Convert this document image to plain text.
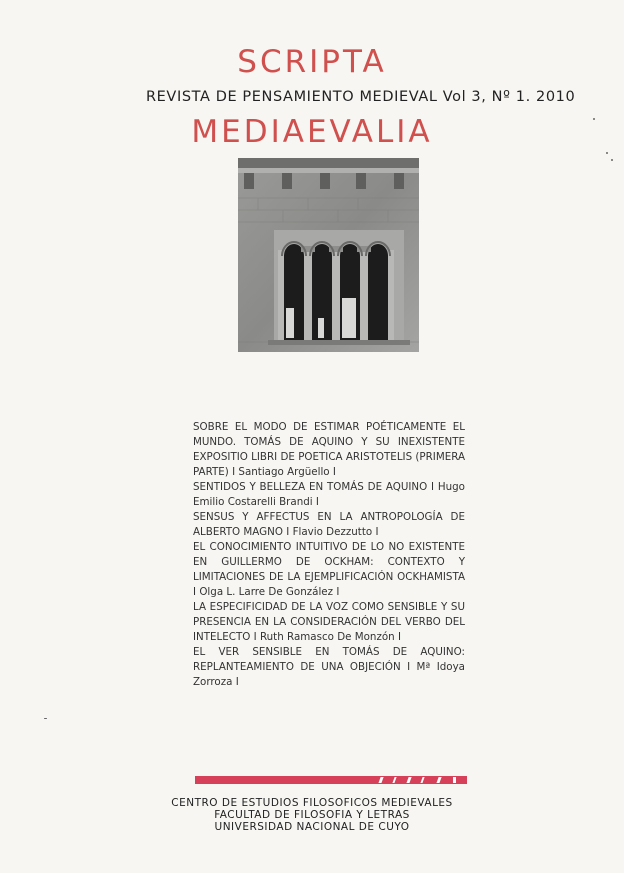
SCRIPTA
REVISTA DE PENSAMIENTO MEDIEVAL Vol 3, Nº 1. 2010
MEDIAEVALIA

SOBRE EL MODO DE ESTIMAR POÉTICAMENTE EL MUNDO. TOMÁS DE AQUINO Y SU INEXISTENTE EXPOSITIO LIBRI DE POETICA ARISTOTELIS (PRIMERA PARTE) I Santiago Argüello I

SENTIDOS Y BELLEZA EN TOMÁS DE AQUINO I Hugo Emilio Costarelli Brandi I

SENSUS Y AFFECTUS EN LA ANTROPOLOGÍA DE ALBERTO MAGNO I Flavio Dezzutto I

EL CONOCIMIENTO INTUITIVO DE LO NO EXISTENTE EN GUILLERMO DE OCKHAM: CONTEXTO Y LIMITACIONES DE LA EJEMPLIFICACIÓN OCKHAMISTA I Olga L. Larre De González I

LA ESPECIFICIDAD DE LA VOZ COMO SENSIBLE Y SU PRESENCIA EN LA CONSIDERACIÓN DEL VERBO DEL INTELECTO I Ruth Ramasco De Monzón I

EL VER SENSIBLE EN TOMÁS DE AQUINO: REPLANTEAMIENTO DE UNA OBJECIÓN I Mª Idoya Zorroza I

CENTRO DE ESTUDIOS FILOSOFICOS MEDIEVALES
FACULTAD DE FILOSOFIA Y LETRAS
UNIVERSIDAD NACIONAL DE CUYO
